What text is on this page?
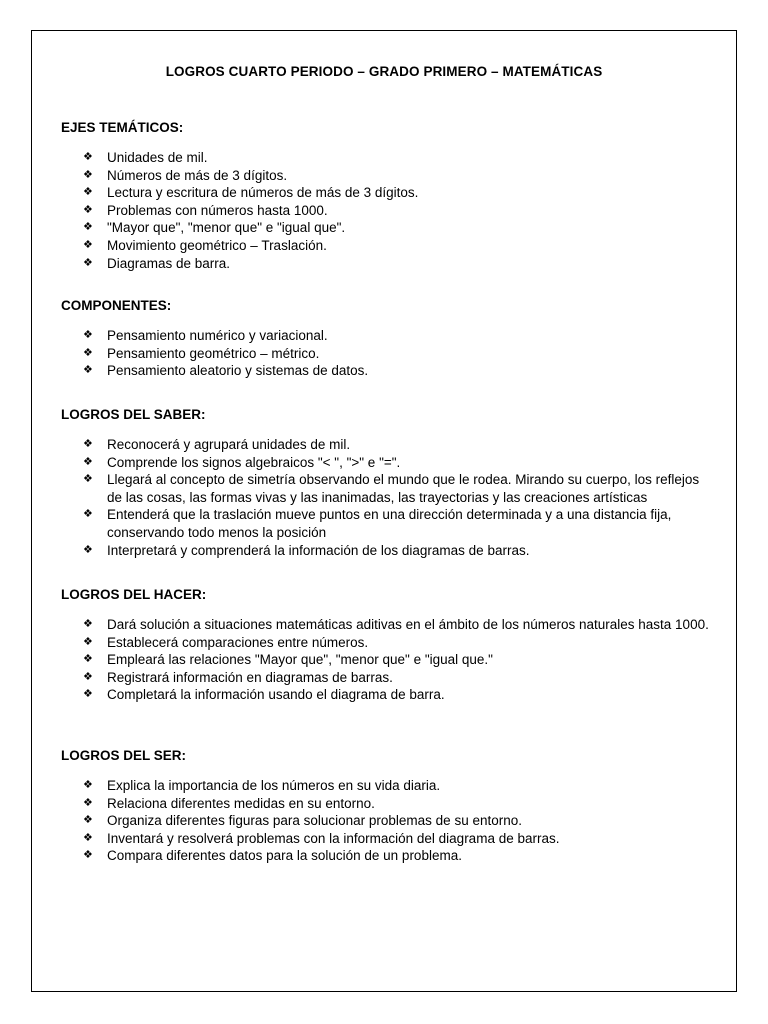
LOGROS CUARTO PERIODO – GRADO PRIMERO – MATEMÁTICAS

EJES TEMÁTICOS:

❖ Unidades de mil.
❖ Números de más de 3 dígitos.
❖ Lectura y escritura de números de más de 3 dígitos.
❖ Problemas con números hasta 1000.
❖ "Mayor que", "menor que" e "igual que".
❖ Movimiento geométrico – Traslación.
❖ Diagramas de barra.

COMPONENTES:

❖ Pensamiento numérico y variacional.
❖ Pensamiento geométrico – métrico.
❖ Pensamiento aleatorio y sistemas de datos.

LOGROS DEL SABER:

❖ Reconocerá y agrupará unidades de mil.
❖ Comprende los signos algebraicos "< ", ">" e "=".
❖ Llegará al concepto de simetría observando el mundo que le rodea. Mirando su cuerpo, los reflejos de las cosas, las formas vivas y las inanimadas, las trayectorias y las creaciones artísticas
❖ Entenderá que la traslación mueve puntos en una dirección determinada y a una distancia fija, conservando todo menos la posición
❖ Interpretará y comprenderá la información de los diagramas de barras.

LOGROS DEL HACER:

❖ Dará solución a situaciones matemáticas aditivas en el ámbito de los números naturales hasta 1000.
❖ Establecerá comparaciones entre números.
❖ Empleará las relaciones "Mayor que", "menor que" e "igual que."
❖ Registrará información en diagramas de barras.
❖ Completará la información usando el diagrama de barra.

LOGROS DEL SER:

❖ Explica la importancia de los números en su vida diaria.
❖ Relaciona diferentes medidas en su entorno.
❖ Organiza diferentes figuras para solucionar problemas de su entorno.
❖ Inventará y resolverá problemas con la información del diagrama de barras.
❖ Compara diferentes datos para la solución de un problema.
